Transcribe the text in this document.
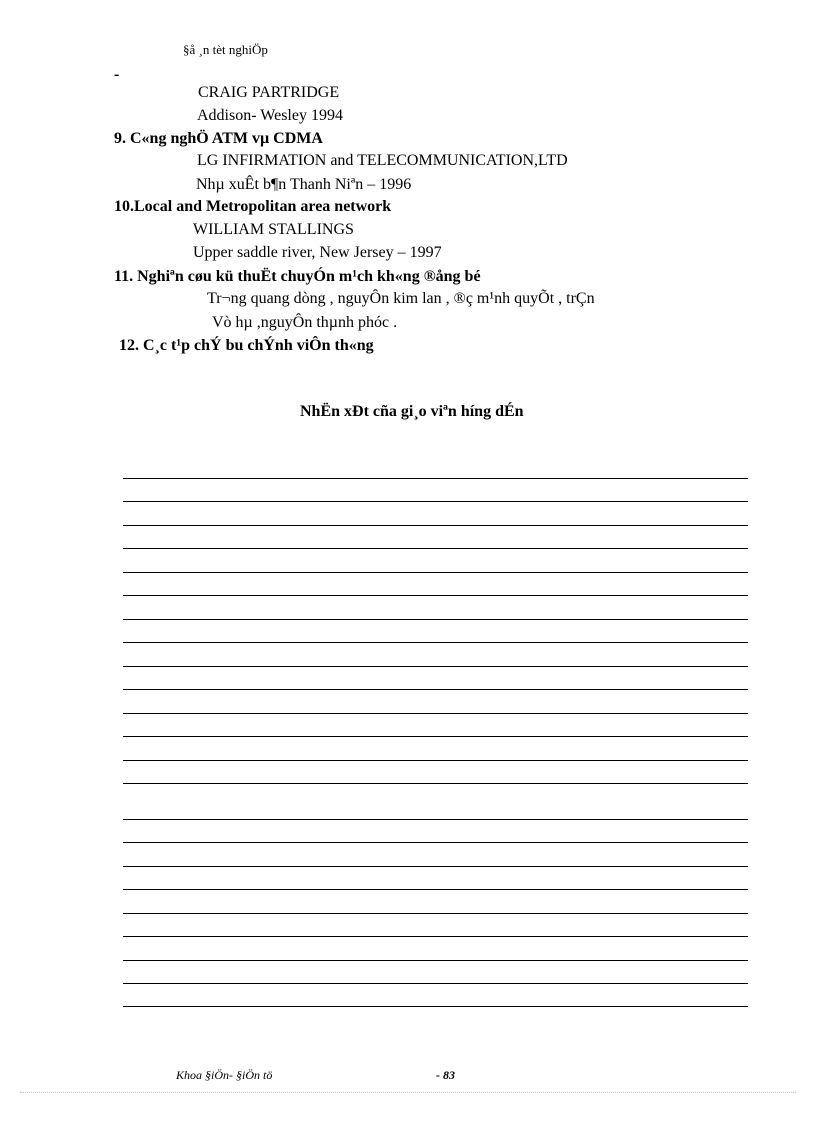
§å ¸n tèt nghiÖp
-
CRAIG PARTRIDGE
Addison- Wesley 1994
9. C«ng nghÖ ATM vµ CDMA
LG INFIRMATION and TELECOMMUNICATION,LTD
Nhµ xuÊt b¶n Thanh Niªn – 1996
10.Local and Metropolitan area network
WILLIAM STALLINGS
Upper saddle river, New Jersey – 1997
11. Nghiªn cøu kü thuËt chuyÓn m¹ch kh«ng ®ång bé
Tr¬ng quang dòng , nguyÔn kim lan , ®ç m¹nh quyÕt , trÇn
Vò hµ ,nguyÔn thµnh phóc .
12. C¸c t¹p chÝ bu chÝnh viÔn th«ng
NhËn xÐt cña gi¸o viªn híng dÉn
Khoa §iÖn- §iÖn tö	- 83
